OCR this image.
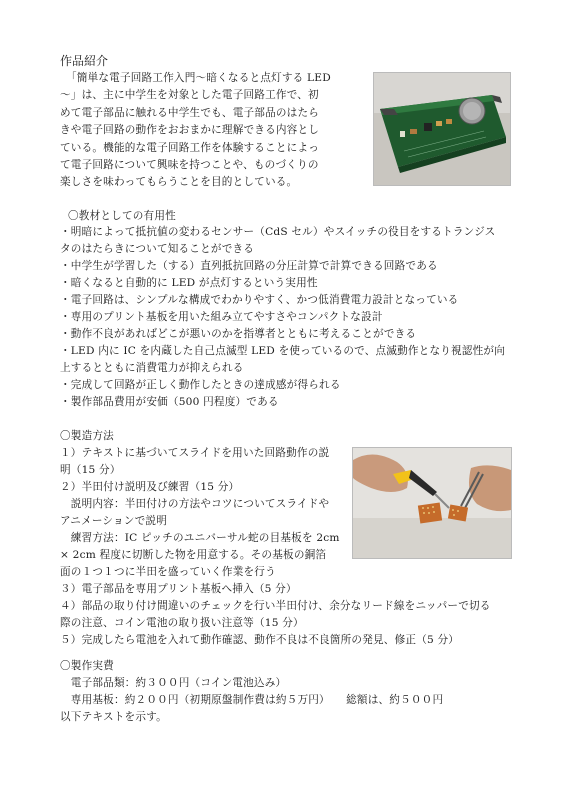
作品紹介
「簡単な電子回路工作入門～暗くなると点灯する LED
～」は、主に中学生を対象とした電子回路工作で、初
めて電子部品に触れる中学生でも、電子部品のはたら
きや電子回路の動作をおおまかに理解できる内容とし
ている。機能的な電子回路工作を体験することによっ
て電子回路について興味を持つことや、ものづくりの
楽しさを味わってもらうことを目的としている。
〇教材としての有用性
・明暗によって抵抗値の変わるセンサー（CdS セル）やスイッチの役目をするトランジス
タのはたらきについて知ることができる
・中学生が学習した（する）直列抵抗回路の分圧計算で計算できる回路である
・暗くなると自動的に LED が点灯するという実用性
・電子回路は、シンプルな構成でわかりやすく、かつ低消費電力設計となっている
・専用のプリント基板を用いた組み立てやすさやコンパクトな設計
・動作不良があればどこが悪いのかを指導者とともに考えることができる
・LED 内に IC を内蔵した自己点滅型 LED を使っているので、点滅動作となり視認性が向
上するとともに消費電力が抑えられる
・完成して回路が正しく動作したときの達成感が得られる
・製作部品費用が安価（500 円程度）である
〇製造方法
１）テキストに基づいてスライドを用いた回路動作の説
明（15 分）
２）半田付け説明及び練習（15 分）
　説明内容：半田付けの方法やコツについてスライドや
アニメーションで説明
　練習方法：IC ピッチのユニバーサル蛇の目基板を 2cm
× 2cm 程度に切断した物を用意する。その基板の銅箔
面の１つ１つに半田を盛っていく作業を行う
３）電子部品を専用プリント基板へ挿入（5 分）
４）部品の取り付け間違いのチェックを行い半田付け、余分なリード線をニッパーで切る
際の注意、コイン電池の取り扱い注意等（15 分）
５）完成したら電池を入れて動作確認、動作不良は不良箇所の発見、修正（5 分）
〇製作実費
　電子部品類：約３００円（コイン電池込み）
　専用基板：約２００円（初期原盤制作費は約５万円）　　総額は、約５００円
以下テキストを示す。
